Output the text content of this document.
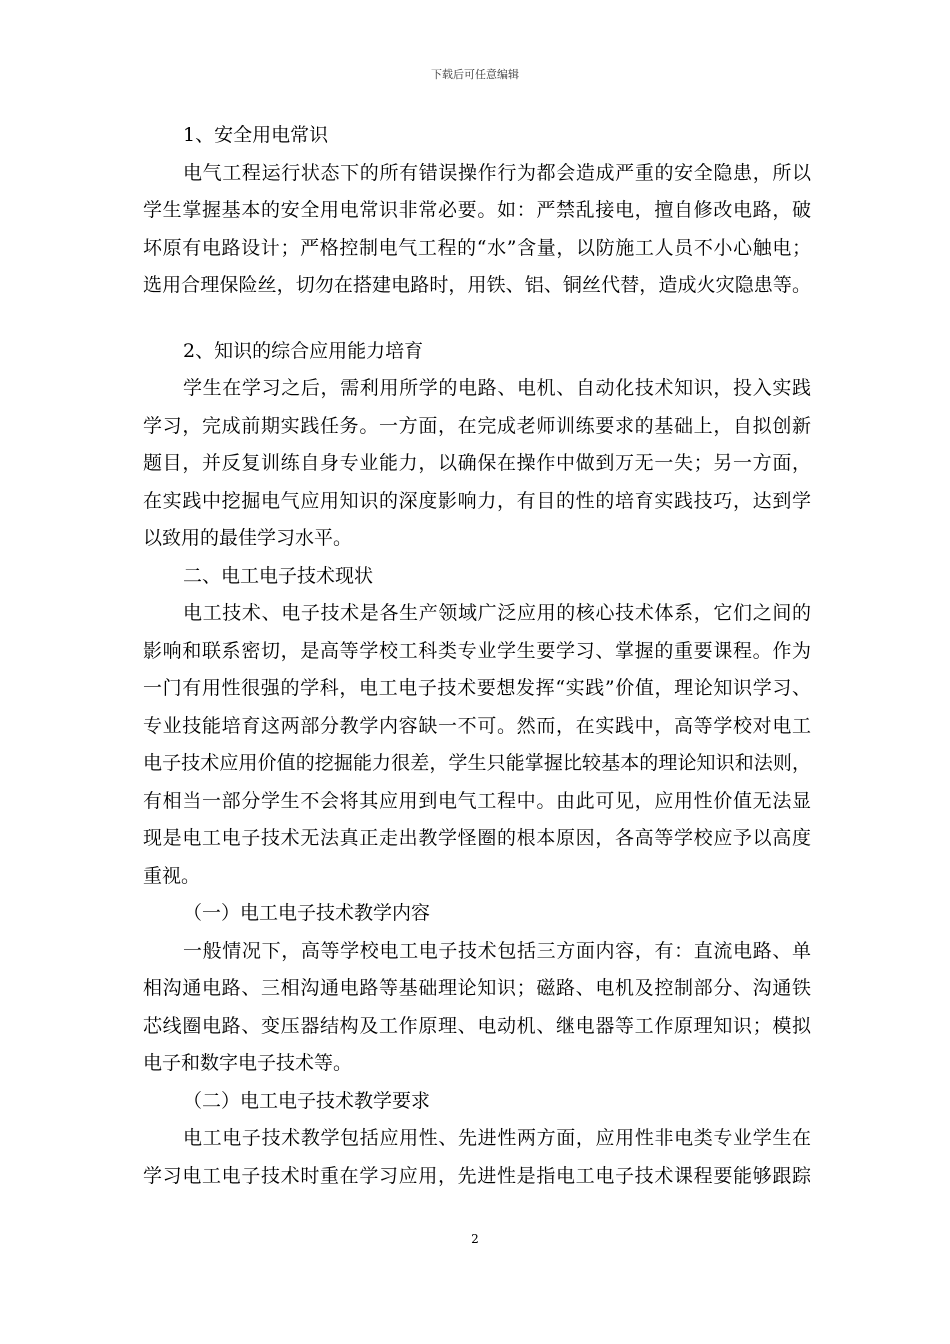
下载后可任意编辑
1、安全用电常识
电气工程运行状态下的所有错误操作行为都会造成严重的安全隐患，所以
学生掌握基本的安全用电常识非常必要。如：严禁乱接电，擅自修改电路，破
坏原有电路设计；严格控制电气工程的“水”含量，以防施工人员不小心触电；
选用合理保险丝，切勿在搭建电路时，用铁、铝、铜丝代替，造成火灾隐患等。
2、知识的综合应用能力培育
学生在学习之后，需利用所学的电路、电机、自动化技术知识，投入实践
学习，完成前期实践任务。一方面，在完成老师训练要求的基础上，自拟创新
题目，并反复训练自身专业能力，以确保在操作中做到万无一失；另一方面，
在实践中挖掘电气应用知识的深度影响力，有目的性的培育实践技巧，达到学
以致用的最佳学习水平。
二、电工电子技术现状
电工技术、电子技术是各生产领域广泛应用的核心技术体系，它们之间的
影响和联系密切，是高等学校工科类专业学生要学习、掌握的重要课程。作为
一门有用性很强的学科，电工电子技术要想发挥“实践”价值，理论知识学习、
专业技能培育这两部分教学内容缺一不可。然而，在实践中，高等学校对电工
电子技术应用价值的挖掘能力很差，学生只能掌握比较基本的理论知识和法则，
有相当一部分学生不会将其应用到电气工程中。由此可见，应用性价值无法显
现是电工电子技术无法真正走出教学怪圈的根本原因，各高等学校应予以高度
重视。
（一）电工电子技术教学内容
一般情况下，高等学校电工电子技术包括三方面内容，有：直流电路、单
相沟通电路、三相沟通电路等基础理论知识；磁路、电机及控制部分、沟通铁
芯线圈电路、变压器结构及工作原理、电动机、继电器等工作原理知识；模拟
电子和数字电子技术等。
（二）电工电子技术教学要求
电工电子技术教学包括应用性、先进性两方面，应用性非电类专业学生在
学习电工电子技术时重在学习应用，先进性是指电工电子技术课程要能够跟踪
2
